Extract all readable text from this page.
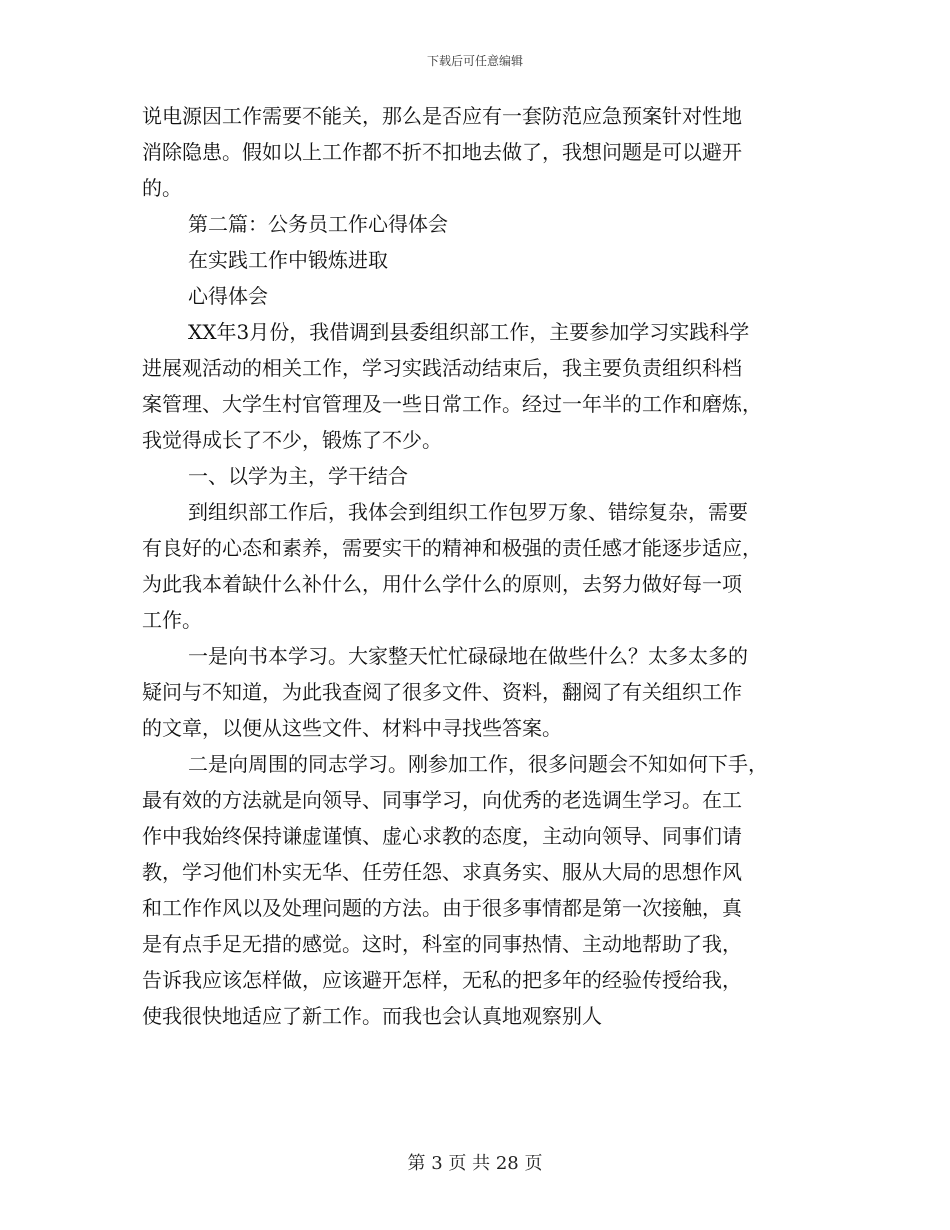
下载后可任意编辑
说电源因工作需要不能关，那么是否应有一套防范应急预案针对性地
消除隐患。假如以上工作都不折不扣地去做了，我想问题是可以避开
的。
第二篇：公务员工作心得体会
在实践工作中锻炼进取
心得体会
XX年3月份，我借调到县委组织部工作，主要参加学习实践科学
进展观活动的相关工作，学习实践活动结束后，我主要负责组织科档
案管理、大学生村官管理及一些日常工作。经过一年半的工作和磨炼，
我觉得成长了不少，锻炼了不少。
一、以学为主，学干结合
到组织部工作后，我体会到组织工作包罗万象、错综复杂，需要
有良好的心态和素养，需要实干的精神和极强的责任感才能逐步适应，
为此我本着缺什么补什么，用什么学什么的原则，去努力做好每一项
工作。
一是向书本学习。大家整天忙忙碌碌地在做些什么？太多太多的
疑问与不知道，为此我查阅了很多文件、资料，翻阅了有关组织工作
的文章，以便从这些文件、材料中寻找些答案。
二是向周围的同志学习。刚参加工作，很多问题会不知如何下手，
最有效的方法就是向领导、同事学习，向优秀的老选调生学习。在工
作中我始终保持谦虚谨慎、虚心求教的态度，主动向领导、同事们请
教，学习他们朴实无华、任劳任怨、求真务实、服从大局的思想作风
和工作作风以及处理问题的方法。由于很多事情都是第一次接触，真
是有点手足无措的感觉。这时，科室的同事热情、主动地帮助了我，
告诉我应该怎样做，应该避开怎样，无私的把多年的经验传授给我，
使我很快地适应了新工作。而我也会认真地观察别人
第 3 页 共 28 页
